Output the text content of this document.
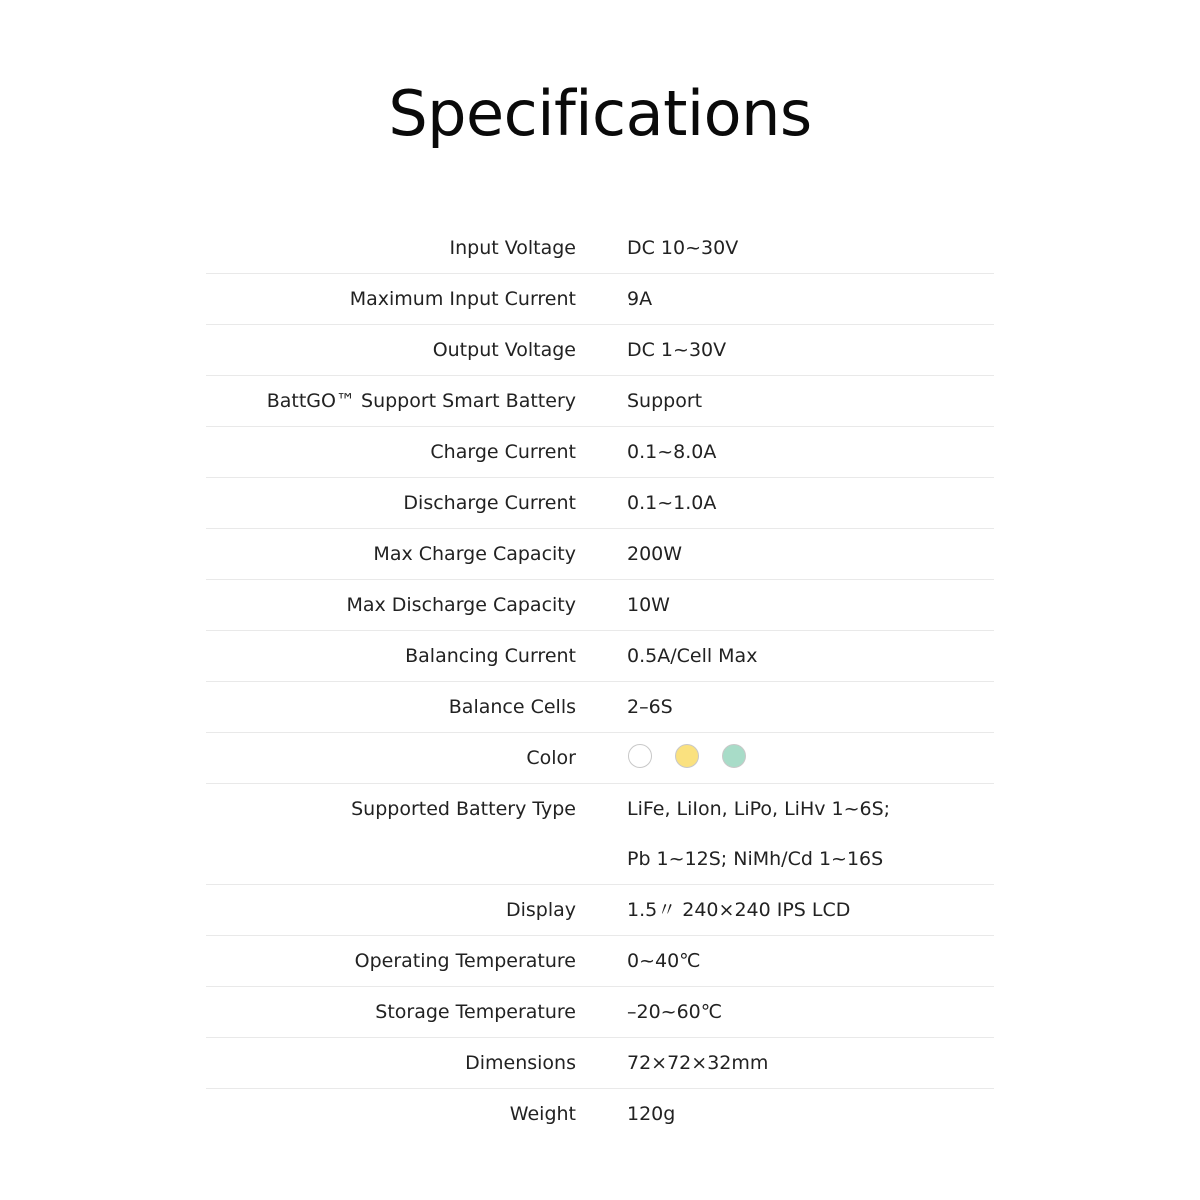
Specifications
Input Voltage	DC 10~30V
Maximum Input Current	9A
Output Voltage	DC 1~30V
BattGO™ Support Smart Battery	Support
Charge Current	0.1~8.0A
Discharge Current	0.1~1.0A
Max Charge Capacity	200W
Max Discharge Capacity	10W
Balancing Current	0.5A/Cell Max
Balance Cells	2–6S
Color
Supported Battery Type	LiFe, LiIon, LiPo, LiHv 1~6S;
Pb 1~12S; NiMh/Cd 1~16S
Display	1.5〃 240×240 IPS LCD
Operating Temperature	0~40℃
Storage Temperature	–20~60℃
Dimensions	72×72×32mm
Weight	120g
